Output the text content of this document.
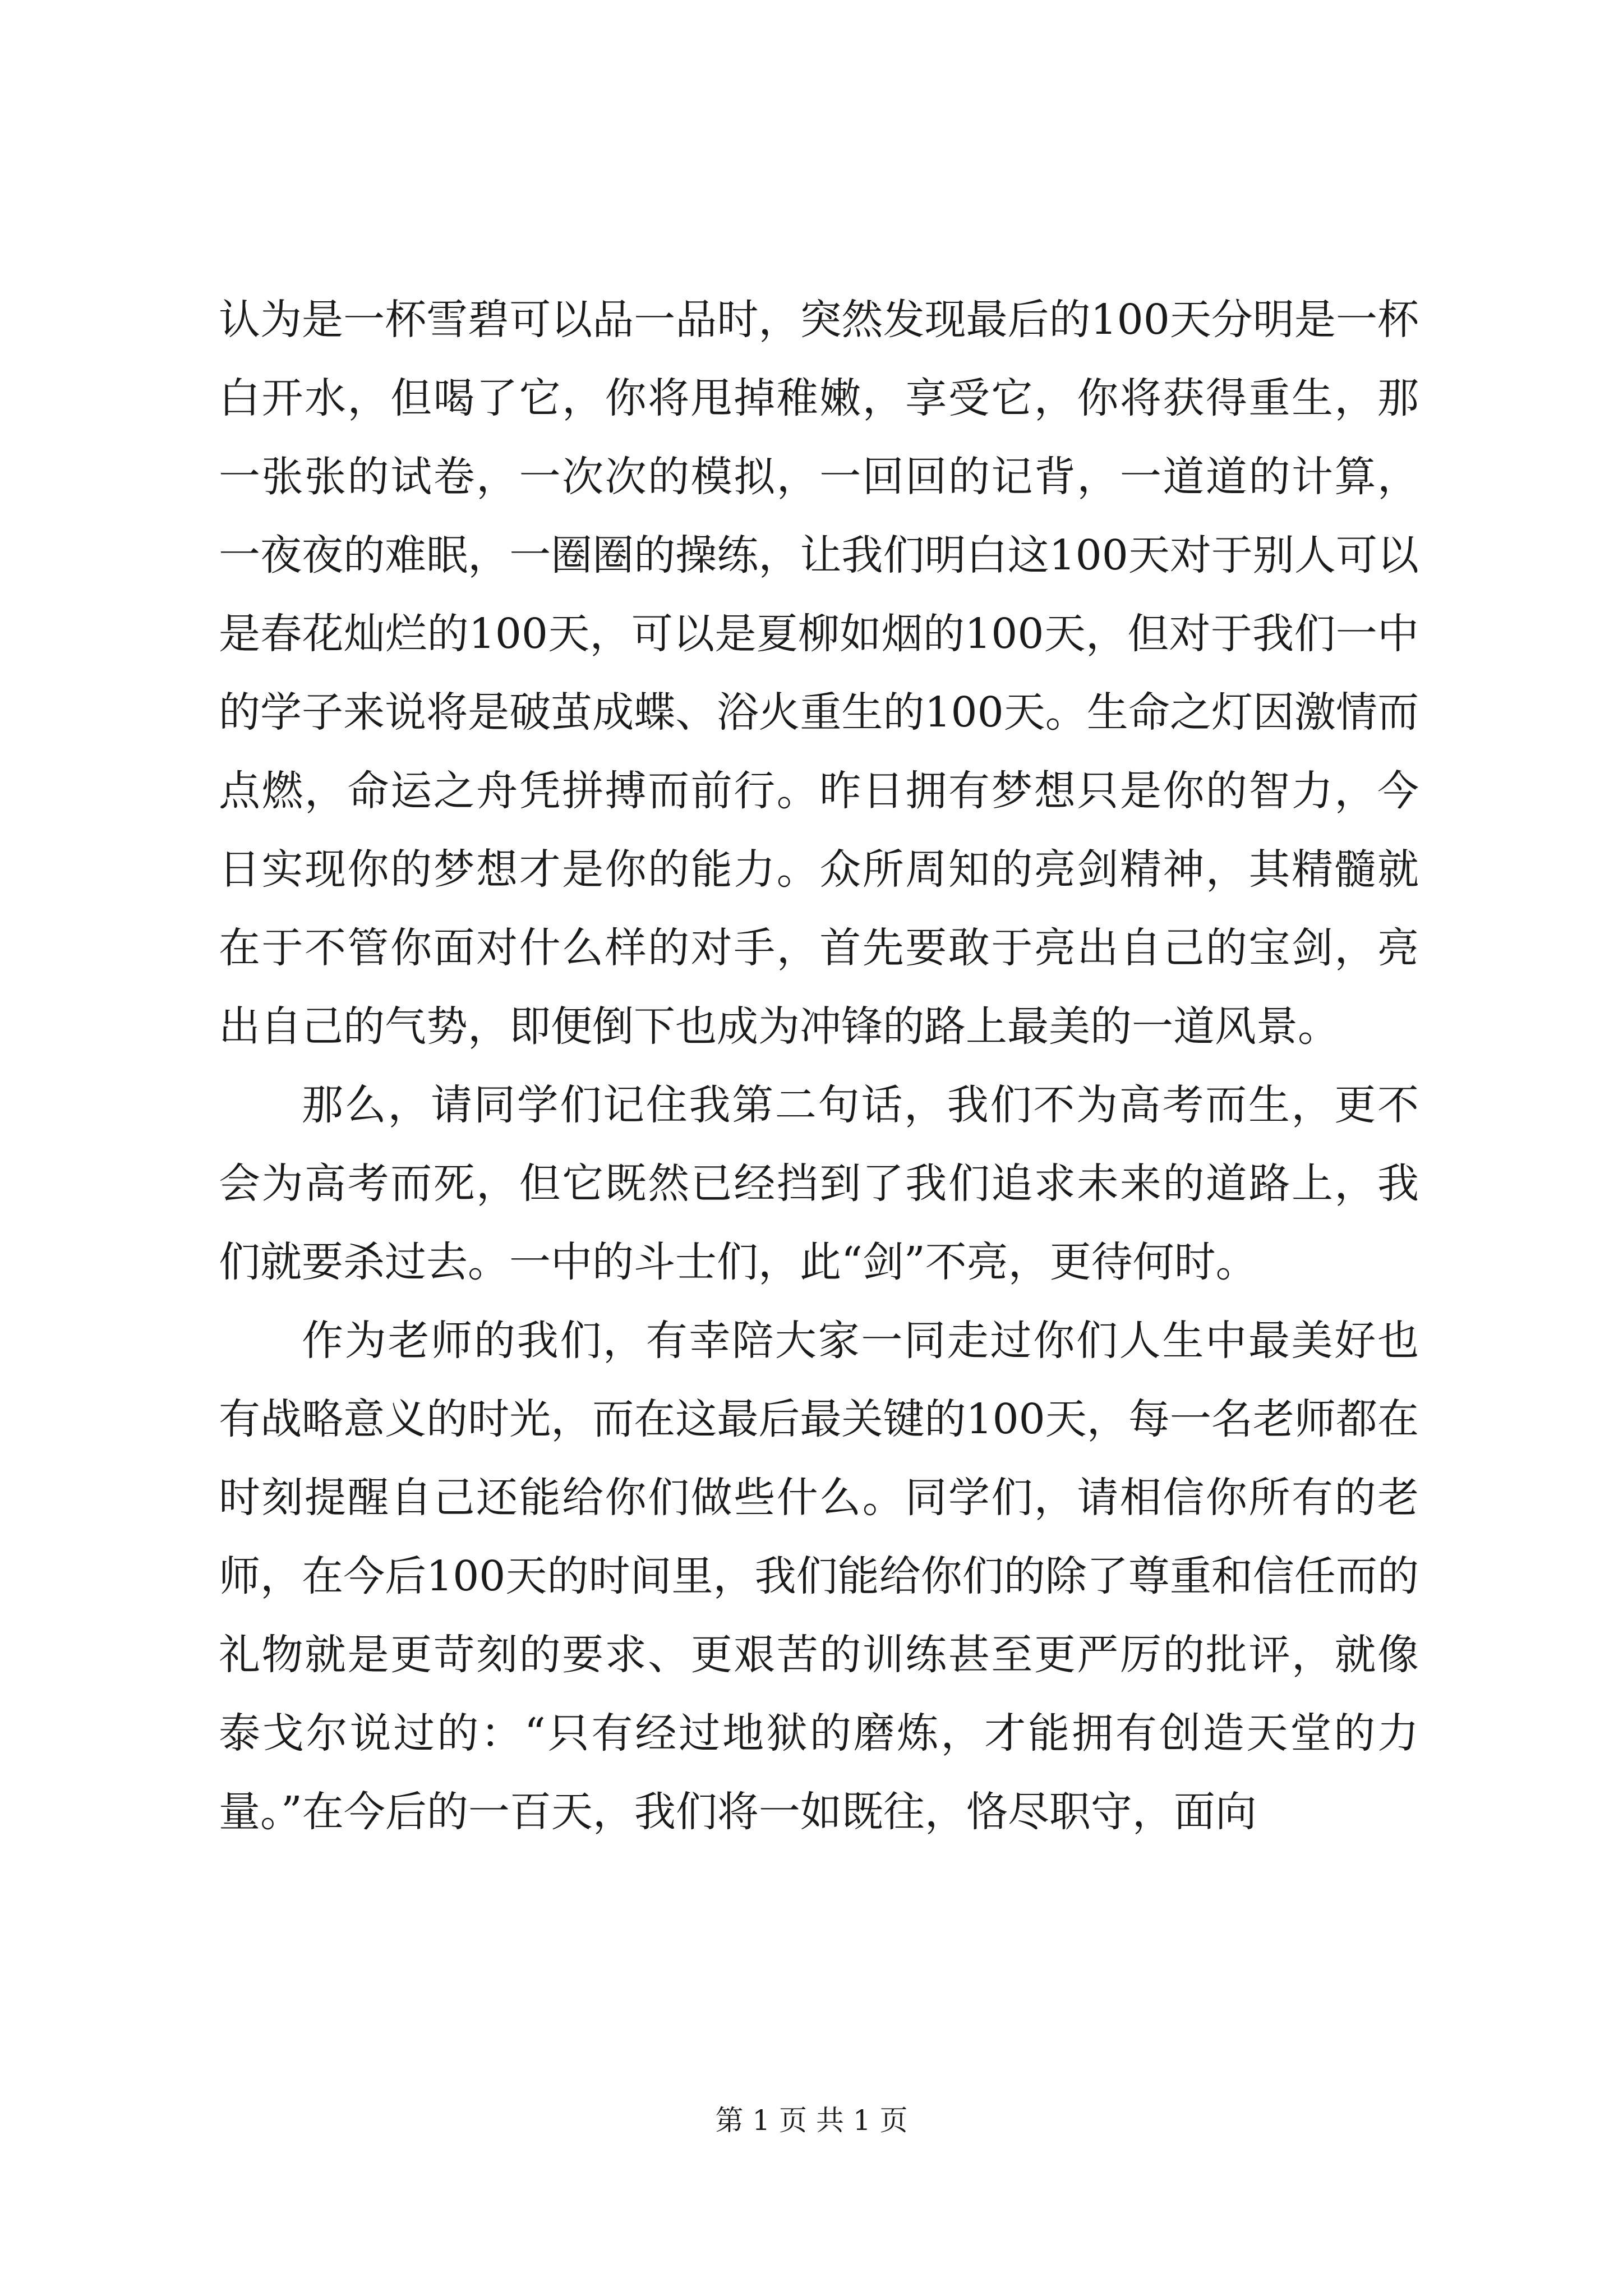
认为是一杯雪碧可以品一品时，突然发现最后的100天分明是一杯白开水，但喝了它，你将甩掉稚嫩，享受它，你将获得重生，那一张张的试卷，一次次的模拟，一回回的记背，一道道的计算，一夜夜的难眠，一圈圈的操练，让我们明白这100天对于别人可以是春花灿烂的100天，可以是夏柳如烟的100天，但对于我们一中的学子来说将是破茧成蝶、浴火重生的100天。生命之灯因激情而点燃，命运之舟凭拼搏而前行。昨日拥有梦想只是你的智力，今日实现你的梦想才是你的能力。众所周知的亮剑精神，其精髓就在于不管你面对什么样的对手，首先要敢于亮出自己的宝剑，亮出自己的气势，即便倒下也成为冲锋的路上最美的一道风景。

那么，请同学们记住我第二句话，我们不为高考而生，更不会为高考而死，但它既然已经挡到了我们追求未来的道路上，我们就要杀过去。一中的斗士们，此“剑”不亮，更待何时。

作为老师的我们，有幸陪大家一同走过你们人生中最美好也有战略意义的时光，而在这最后最关键的100天，每一名老师都在时刻提醒自己还能给你们做些什么。同学们，请相信你所有的老师，在今后100天的时间里，我们能给你们的除了尊重和信任而的礼物就是更苛刻的要求、更艰苦的训练甚至更严厉的批评，就像泰戈尔说过的：“只有经过地狱的磨炼，才能拥有创造天堂的力量。”在今后的一百天，我们将一如既往，恪尽职守，面向

第 1 页 共 1 页
